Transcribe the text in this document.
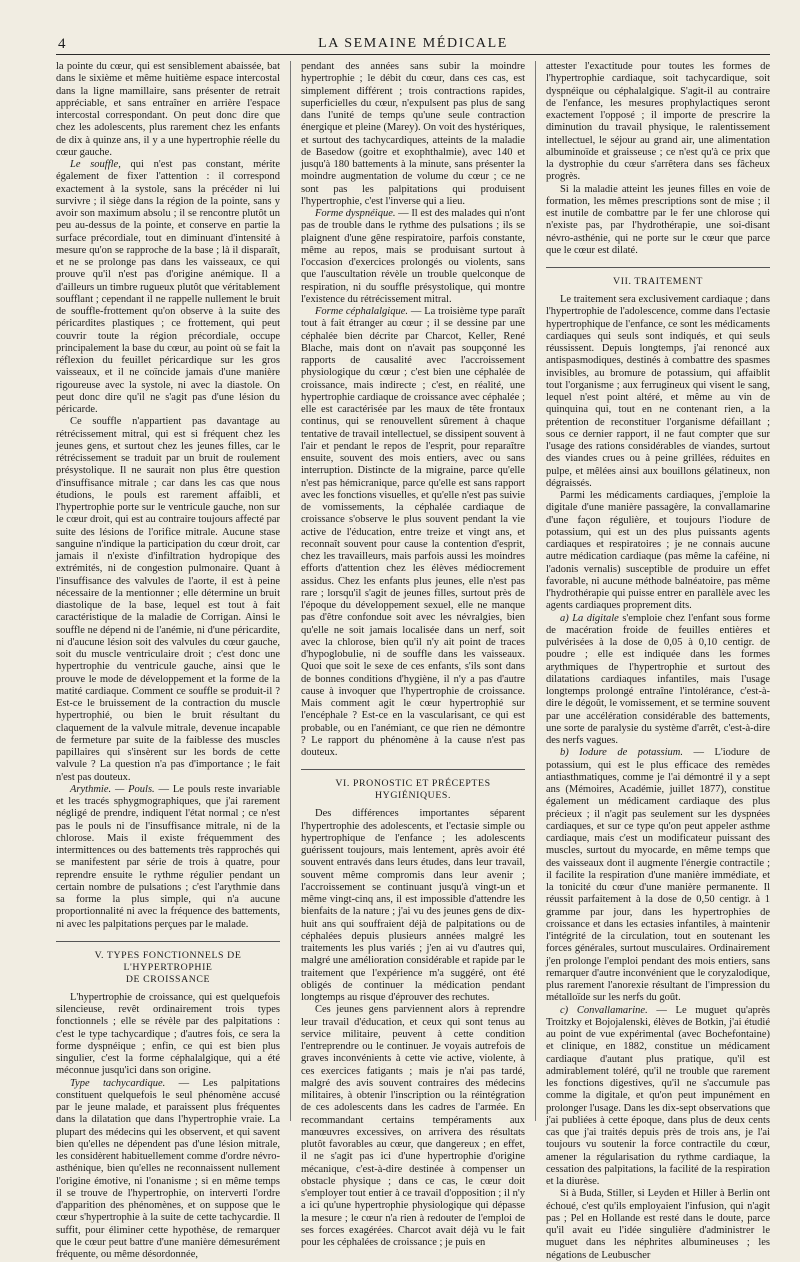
4	LA SEMAINE MÉDICALE

la pointe du cœur, qui est sensiblement abaissée, bat dans le sixième et même huitième espace intercostal dans la ligne mamillaire, sans présenter de retrait appréciable, et sans entraîner en arrière l'espace intercostal correspondant. On peut donc dire que chez les adolescents, plus rarement chez les enfants de dix à quinze ans, il y a une hypertrophie réelle du cœur gauche.

Le souffle, qui n'est pas constant, mérite également de fixer l'attention : il correspond exactement à la systole, sans la précéder ni lui survivre ; il siège dans la région de la pointe, sans y avoir son maximum absolu ; il se rencontre plutôt un peu au-dessus de la pointe, et conserve en partie la surface précordiale, tout en diminuant d'intensité à mesure qu'on se rapproche de la base ; là il disparaît, et ne se prolonge pas dans les vaisseaux, ce qui prouve qu'il n'est pas d'origine anémique. Il a d'ailleurs un timbre rugueux plutôt que véritablement soufflant ; cependant il ne rappelle nullement le bruit de souffle-frottement qu'on observe à la suite des péricardites plastiques ; ce frottement, qui peut couvrir toute la région précordiale, occupe principalement la base du cœur, au point où se fait la réflexion du feuillet péricardique sur les gros vaisseaux, et il ne coïncide jamais d'une manière rigoureuse avec la systole, ni avec la diastole. On peut donc dire qu'il ne s'agit pas d'une lésion du péricarde.

Ce souffle n'appartient pas davantage au rétrécissement mitral, qui est si fréquent chez les jeunes gens, et surtout chez les jeunes filles, car le rétrécissement se traduit par un bruit de roulement présystolique. Il ne saurait non plus être question d'insuffisance mitrale ; car dans les cas que nous étudions, le pouls est rarement affaibli, et l'hypertrophie porte sur le ventricule gauche, non sur le cœur droit, qui est au contraire toujours affecté par suite des lésions de l'orifice mitrale. Aucune stase sanguine n'indique la participation du cœur droit, car jamais il n'existe d'infiltration hydropique des extrémités, ni de congestion pulmonaire. Quant à l'insuffisance des valvules de l'aorte, il est à peine nécessaire de la mentionner ; elle détermine un bruit diastolique de la base, lequel est tout à fait caractéristique de la maladie de Corrigan. Ainsi le souffle ne dépend ni de l'anémie, ni d'une péricardite, ni d'aucune lésion soit des valvules du cœur gauche, soit du muscle ventriculaire droit ; c'est donc une hypertrophie du ventricule gauche, ainsi que le prouve le mode de développement et la forme de la matité cardiaque. Comment ce souffle se produit-il ? Est-ce le bruissement de la contraction du muscle hypertrophié, ou bien le bruit résultant du claquement de la valvule mitrale, devenue incapable de fermeture par suite de la faiblesse des muscles papillaires qui s'insèrent sur les bords de cette valvule ? La question n'a pas d'importance ; le fait n'est pas douteux.

Arythmie. — Pouls. — Le pouls reste invariable et les tracés sphygmographiques, que j'ai rarement négligé de prendre, indiquent l'état normal ; ce n'est pas le pouls ni de l'insuffisance mitrale, ni de la chlorose. Mais il existe fréquemment des intermittences ou des battements très rapprochés qui se manifestent par série de trois à quatre, pour reprendre ensuite le rythme régulier pendant un certain nombre de pulsations ; c'est l'arythmie dans sa forme la plus simple, qui n'a aucune proportionnalité ni avec la fréquence des battements, ni avec les palpitations perçues par le malade.

V. TYPES FONCTIONNELS DE L'HYPERTROPHIE
DE CROISSANCE

L'hypertrophie de croissance, qui est quelquefois silencieuse, revêt ordinairement trois types fonctionnels ; elle se révèle par des palpitations : c'est le type tachycardique ; d'autres fois, ce sera la forme dyspnéique ; enfin, ce qui est bien plus singulier, c'est la forme céphalalgique, qui a été méconnue jusqu'ici dans son origine.

Type tachycardique. — Les palpitations constituent quelquefois le seul phénomène accusé par le jeune malade, et paraissent plus fréquentes dans la dilatation que dans l'hypertrophie vraie. La plupart des médecins qui les observent, et qui savent bien qu'elles ne dépendent pas d'une lésion mitrale, les considèrent habituellement comme d'ordre névro-asthénique, bien qu'elles ne reconnaissent nullement l'origine émotive, ni l'onanisme ; si en même temps il se trouve de l'hypertrophie, on interverti l'ordre d'apparition des phénomènes, et on suppose que le cœur s'hypertrophie à la suite de cette tachycardie. Il suffit, pour éliminer cette hypothèse, de remarquer que le cœur peut battre d'une manière démesurément fréquente, ou même désordonnée,

pendant des années sans subir la moindre hypertrophie ; le débit du cœur, dans ces cas, est simplement différent ; trois contractions rapides, superficielles du cœur, n'expulsent pas plus de sang dans l'unité de temps qu'une seule contraction énergique et pleine (Marey). On voit des hystériques, et surtout des tachycardiques, atteints de la maladie de Basedow (goitre et exophthalmie), avec 140 et jusqu'à 180 battements à la minute, sans présenter la moindre augmentation de volume du cœur ; ce ne sont pas les palpitations qui produisent l'hypertrophie, c'est l'inverse qui a lieu.

Forme dyspnéique. — Il est des malades qui n'ont pas de trouble dans le rythme des pulsations ; ils se plaignent d'une gêne respiratoire, parfois constante, même au repos, mais se produisant surtout à l'occasion d'exercices prolongés ou violents, sans que l'auscultation révèle un trouble quelconque de respiration, ni du souffle présystolique, qui montre l'existence du rétrécissement mitral.

Forme céphalalgique. — La troisième type paraît tout à fait étranger au cœur ; il se dessine par une céphalée bien décrite par Charcot, Keller, René Blache, mais dont on n'avait pas soupçonné les rapports de causalité avec l'accroissement physiologique du cœur ; c'est bien une céphalée de croissance, mais indirecte ; c'est, en réalité, une hypertrophie cardiaque de croissance avec céphalée ; elle est caractérisée par les maux de tête frontaux continus, qui se renouvellent sûrement à chaque tentative de travail intellectuel, se dissipent souvent à l'air et pendant le repos de l'esprit, pour reparaître ensuite, souvent des mois entiers, avec ou sans interruption. Distincte de la migraine, parce qu'elle n'est pas hémicranique, parce qu'elle est sans rapport avec les fonctions visuelles, et qu'elle n'est pas suivie de vomissements, la céphalée cardiaque de croissance s'observe le plus souvent pendant la vie active de l'éducation, entre treize et vingt ans, et reconnaît souvent pour cause la contention d'esprit, chez les travailleurs, mais parfois aussi les moindres efforts d'attention chez les élèves médiocrement assidus. Chez les enfants plus jeunes, elle n'est pas rare ; lorsqu'il s'agit de jeunes filles, surtout près de l'époque du développement sexuel, elle ne manque pas d'être confondue soit avec les névralgies, bien qu'elle ne soit jamais localisée dans un nerf, soit avec la chlorose, bien qu'il n'y ait point de traces d'hypoglobulie, ni de souffle dans les vaisseaux. Quoi que soit le sexe de ces enfants, s'ils sont dans de bonnes conditions d'hygiène, il n'y a pas d'autre cause à invoquer que l'hypertrophie de croissance. Mais comment agit le cœur hypertrophié sur l'encéphale ? Est-ce en la vascularisant, ce qui est probable, ou en l'anémiant, ce que rien ne démontre ? Le rapport du phénomène à la cause n'est pas douteux.

VI. PRONOSTIC ET PRÉCEPTES HYGIÉNIQUES.

Des différences importantes séparent l'hypertrophie des adolescents, et l'ectasie simple ou hypertrophique de l'enfance ; les adolescents guérissent toujours, mais lentement, après avoir été souvent entravés dans leurs études, dans leur travail, souvent même compromis dans leur avenir ; l'accroissement se continuant jusqu'à vingt-un et même vingt-cinq ans, il est impossible d'attendre les bienfaits de la nature ; j'ai vu des jeunes gens de dix-huit ans qui souffraient déjà de palpitations ou de céphalées depuis plusieurs années malgré les traitements les plus variés ; j'en ai vu d'autres qui, malgré une amélioration considérable et rapide par le traitement que l'expérience m'a suggéré, ont été obligés de continuer la médication pendant longtemps au risque d'éprouver des rechutes.

Ces jeunes gens parviennent alors à reprendre leur travail d'éducation, et ceux qui sont tenus au service militaire, peuvent à cette condition l'entreprendre ou le continuer. Je voyais autrefois de graves inconvénients à cette vie active, violente, à ces exercices fatigants ; mais je n'ai pas tardé, malgré des avis souvent contraires des médecins militaires, à obtenir l'inscription ou la réintégration de ces adolescents dans les cadres de l'armée. En recommandant certains tempéraments aux manœuvres excessives, on arrivera des résultats plutôt favorables au cœur, que dangereux ; en effet, il ne s'agit pas ici d'une hypertrophie d'origine mécanique, c'est-à-dire destinée à compenser un obstacle physique ; dans ce cas, le cœur doit s'employer tout entier à ce travail d'opposition ; il n'y a ici qu'une hypertrophie physiologique qui dépasse la mesure ; le cœur n'a rien à redouter de l'emploi de ses forces exagérées. Charcot avait déjà vu le fait pour les céphalées de croissance ; je puis en

attester l'exactitude pour toutes les formes de l'hypertrophie cardiaque, soit tachycardique, soit dyspnéique ou céphalalgique. S'agit-il au contraire de l'enfance, les mesures prophylactiques seront exactement l'opposé ; il importe de prescrire la diminution du travail physique, le ralentissement intellectuel, le séjour au grand air, une alimentation albuminoïde et graisseuse ; ce n'est qu'à ce prix que la dystrophie du cœur s'arrêtera dans ses fâcheux progrès.

Si la maladie atteint les jeunes filles en voie de formation, les mêmes prescriptions sont de mise ; il est inutile de combattre par le fer une chlorose qui n'existe pas, par l'hydrothérapie, une soi-disant névro-asthénie, qui ne porte sur le cœur que parce que le cœur est dilaté.

VII. TRAITEMENT

Le traitement sera exclusivement cardiaque ; dans l'hypertrophie de l'adolescence, comme dans l'ectasie hypertrophique de l'enfance, ce sont les médicaments cardiaques qui seuls sont indiqués, et qui seuls réussissent. Depuis longtemps, j'ai renoncé aux antispasmodiques, destinés à combattre des spasmes invisibles, au bromure de potassium, qui affaiblit tout l'organisme ; aux ferrugineux qui visent le sang, lequel n'est point altéré, et même au vin de quinquina qui, tout en ne contenant rien, a la prétention de reconstituer l'organisme défaillant ; sous ce dernier rapport, il ne faut compter que sur l'usage des rations considérables de viandes, surtout des viandes crues ou à peine grillées, réduites en pulpe, et mêlées ainsi aux bouillons gélatineux, non dégraissés.

Parmi les médicaments cardiaques, j'emploie la digitale d'une manière passagère, la convallamarine d'une façon régulière, et toujours l'iodure de potassium, qui est un des plus puissants agents cardiaques et respiratoires ; je ne connais aucune autre médication cardiaque (pas même la caféine, ni l'adonis vernalis) susceptible de produire un effet favorable, ni aucune méthode balnéatoire, pas même l'hydrothérapie qui puisse entrer en parallèle avec les agents cardiaques proprement dits.

a) La digitale s'emploie chez l'enfant sous forme de macération froide de feuilles entières et pulvérisées à la dose de 0,05 à 0,10 centigr. de poudre ; elle est indiquée dans les formes arythmiques de l'hypertrophie et surtout des dilatations cardiaques infantiles, mais l'usage longtemps prolongé entraîne l'intolérance, c'est-à-dire le dégoût, le vomissement, et se termine souvent par une accélération considérable des battements, une sorte de paralysie du système d'arrêt, c'est-à-dire des nerfs vagues.

b) Iodure de potassium. — L'iodure de potassium, qui est le plus efficace des remèdes antiasthmatiques, comme je l'ai démontré il y a sept ans (Mémoires, Académie, juillet 1877), constitue également un médicament cardiaque des plus précieux ; il n'agit pas seulement sur les dyspnées cardiaques, et sur ce type qu'on peut appeler asthme cardiaque, mais c'est un modificateur puissant des muscles, surtout du myocarde, en même temps que des vaisseaux dont il augmente l'énergie contractile ; il facilite la respiration d'une manière immédiate, et la tonicité du cœur d'une manière permanente. Il réussit parfaitement à la dose de 0,50 centigr. à 1 gramme par jour, dans les hypertrophies de croissance et dans les ectasies infantiles, à maintenir l'intégrité de la circulation, tout en soutenant les forces générales, surtout musculaires. Ordinairement j'en prolonge l'emploi pendant des mois entiers, sans remarquer d'autre inconvénient que le coryzalodique, plus rarement l'anorexie résultant de l'impression du métalloïde sur les nerfs du goût.

c) Convallamarine. — Le muguet qu'après Troitzky et Bojojalenski, élèves de Botkin, j'ai étudié au point de vue expérimental (avec Bochefontaine) et clinique, en 1882, constitue un médicament cardiaque d'autant plus pratique, qu'il est admirablement toléré, qu'il ne trouble que rarement les fonctions digestives, qu'il ne s'accumule pas comme la digitale, et qu'on peut impunément en prolonger l'usage. Dans les dix-sept observations que j'ai publiées à cette époque, dans plus de deux cents cas que j'ai traités depuis près de trois ans, je l'ai toujours vu soutenir la force contractile du cœur, amener la régularisation du rythme cardiaque, la cessation des palpitations, la facilité de la respiration et la diurèse.

Si à Buda, Stiller, si Leyden et Hiller à Berlin ont échoué, c'est qu'ils employaient l'infusion, qui n'agit pas ; Pel en Hollande est resté dans le doute, parce qu'il avait eu l'idée singulière d'administrer le muguet dans les néphrites albumineuses ; les négations de Leubuscher
